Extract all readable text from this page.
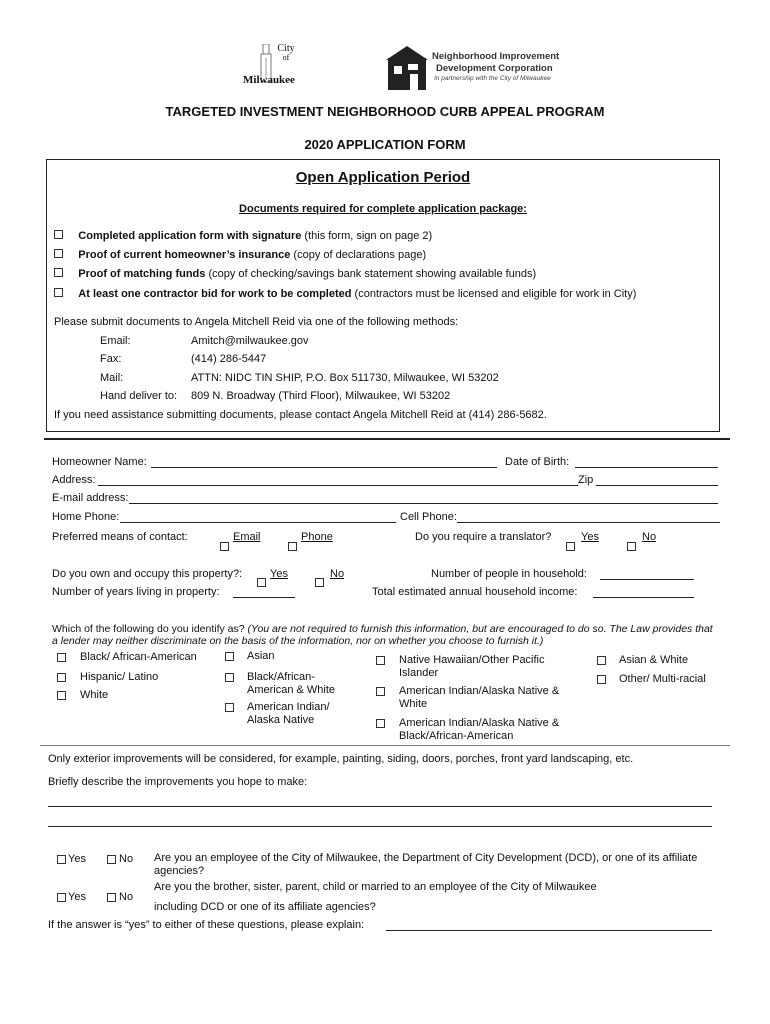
City
of
Milwaukee
Neighborhood Improvement
Development Corporation
In partnership with the City of Milwaukee
TARGETED INVESTMENT NEIGHBORHOOD CURB APPEAL PROGRAM
2020 APPLICATION FORM
Open Application Period
Documents required for complete application package:
Completed application form with signature (this form, sign on page 2)
Proof of current homeowner’s insurance (copy of declarations page)
Proof of matching funds (copy of checking/savings bank statement showing available funds)
At least one contractor bid for work to be completed (contractors must be licensed and eligible for work in City)
Please submit documents to Angela Mitchell Reid via one of the following methods:
Email:	Amitch@milwaukee.gov
Fax:	(414) 286-5447
Mail:	ATTN: NIDC TIN SHIP, P.O. Box 511730, Milwaukee, WI 53202
Hand deliver to: 809 N. Broadway (Third Floor), Milwaukee, WI 53202
If you need assistance submitting documents, please contact Angela Mitchell Reid at (414) 286-5682.
Homeowner Name:	Date of Birth:
Address:	Zip
E-mail address:
Home Phone:	Cell Phone:
Preferred means of contact:	Email	Phone	Do you require a translator?	Yes	No
Do you own and occupy this property?:	Yes	No	Number of people in household:
Number of years living in property:	Total estimated annual household income:
Which of the following do you identify as? (You are not required to furnish this information, but are encouraged to do so. The Law provides that a lender may neither discriminate on the basis of the information, nor on whether you choose to furnish it.)
Black/ African-American
Hispanic/ Latino
White
Asian
Black/African-American & White
American Indian/ Alaska Native
Native Hawaiian/Other Pacific Islander
American Indian/Alaska Native & White
American Indian/Alaska Native & Black/African-American
Asian & White
Other/ Multi-racial
Only exterior improvements will be considered, for example, painting, siding, doors, porches, front yard landscaping, etc.
Briefly describe the improvements you hope to make:
Yes	No Are you an employee of the City of Milwaukee, the Department of City Development (DCD), or one of its affiliate agencies?
Yes	No
Are you the brother, sister, parent, child or married to an employee of the City of Milwaukee
including DCD or one of its affiliate agencies?
If the answer is “yes” to either of these questions, please explain:
